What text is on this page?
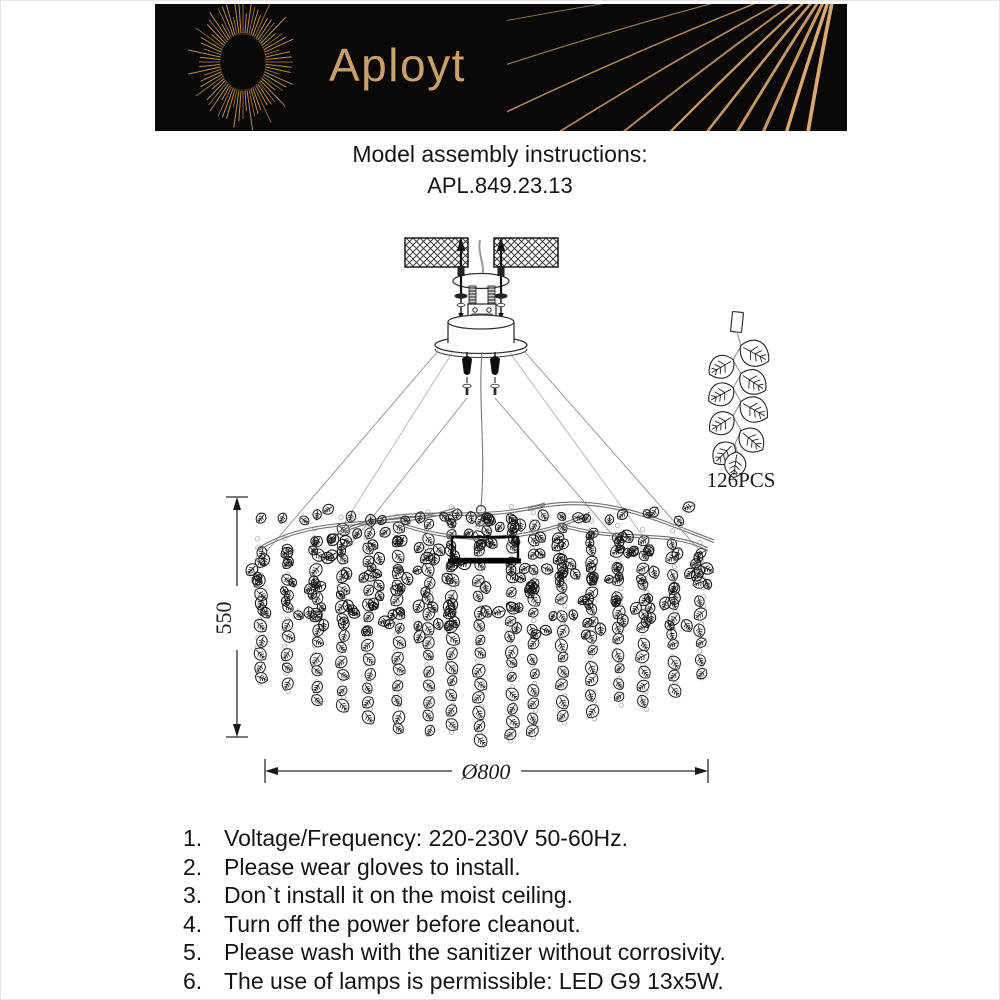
Aployt
Model assembly instructions:
APL.849.23.13
126PCS
550
Ø800
1. Voltage/Frequency: 220-230V 50-60Hz.
2. Please wear gloves to install.
3. Don`t install it on the moist ceiling.
4. Turn off the power before cleanout.
5. Please wash with the sanitizer without corrosivity.
6. The use of lamps is permissible: LED G9 13x5W.
